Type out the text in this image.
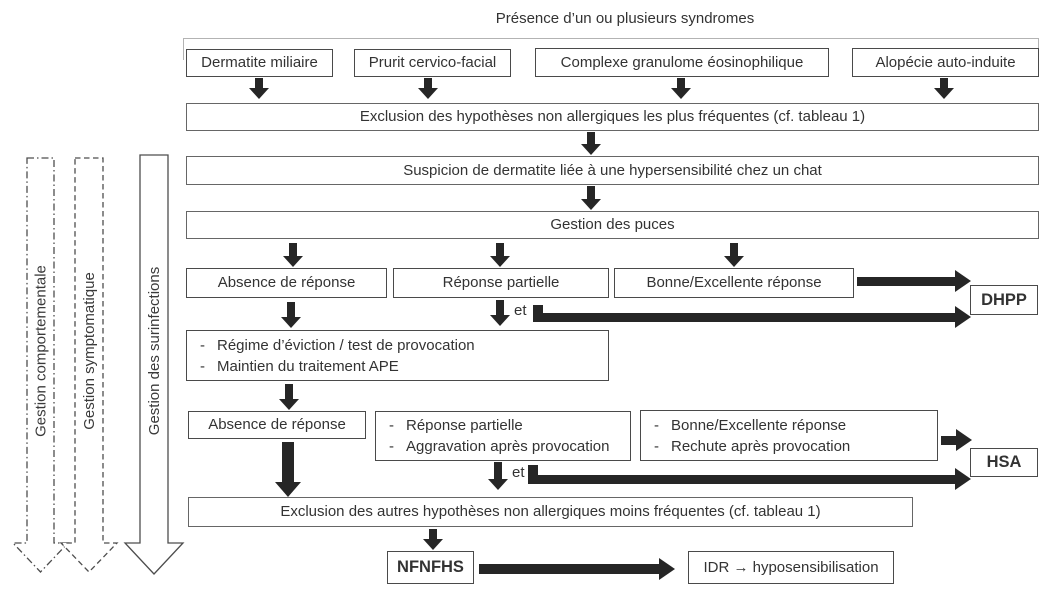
Présence d’un ou plusieurs syndromes
Dermatite miliaire	Prurit cervico-facial	Complexe granulome éosinophilique	Alopécie auto-induite
Exclusion des hypothèses non allergiques les plus fréquentes (cf. tableau 1)
Suspicion de dermatite liée à une hypersensibilité chez un chat
Gestion des puces
Absence de réponse	Réponse partielle	Bonne/Excellente réponse
DHPP
et
- Régime d’éviction / test de provocation
- Maintien du traitement APE
Absence de réponse	- Réponse partielle
- Aggravation après provocation
- Bonne/Excellente réponse
- Rechute après provocation
HSA
et
Exclusion des autres hypothèses non allergiques moins fréquentes (cf. tableau 1)
NFNFHS	IDR → hyposensibilisation
Gestion comportementale Gestion symptomatique	Gestion des surinfections
